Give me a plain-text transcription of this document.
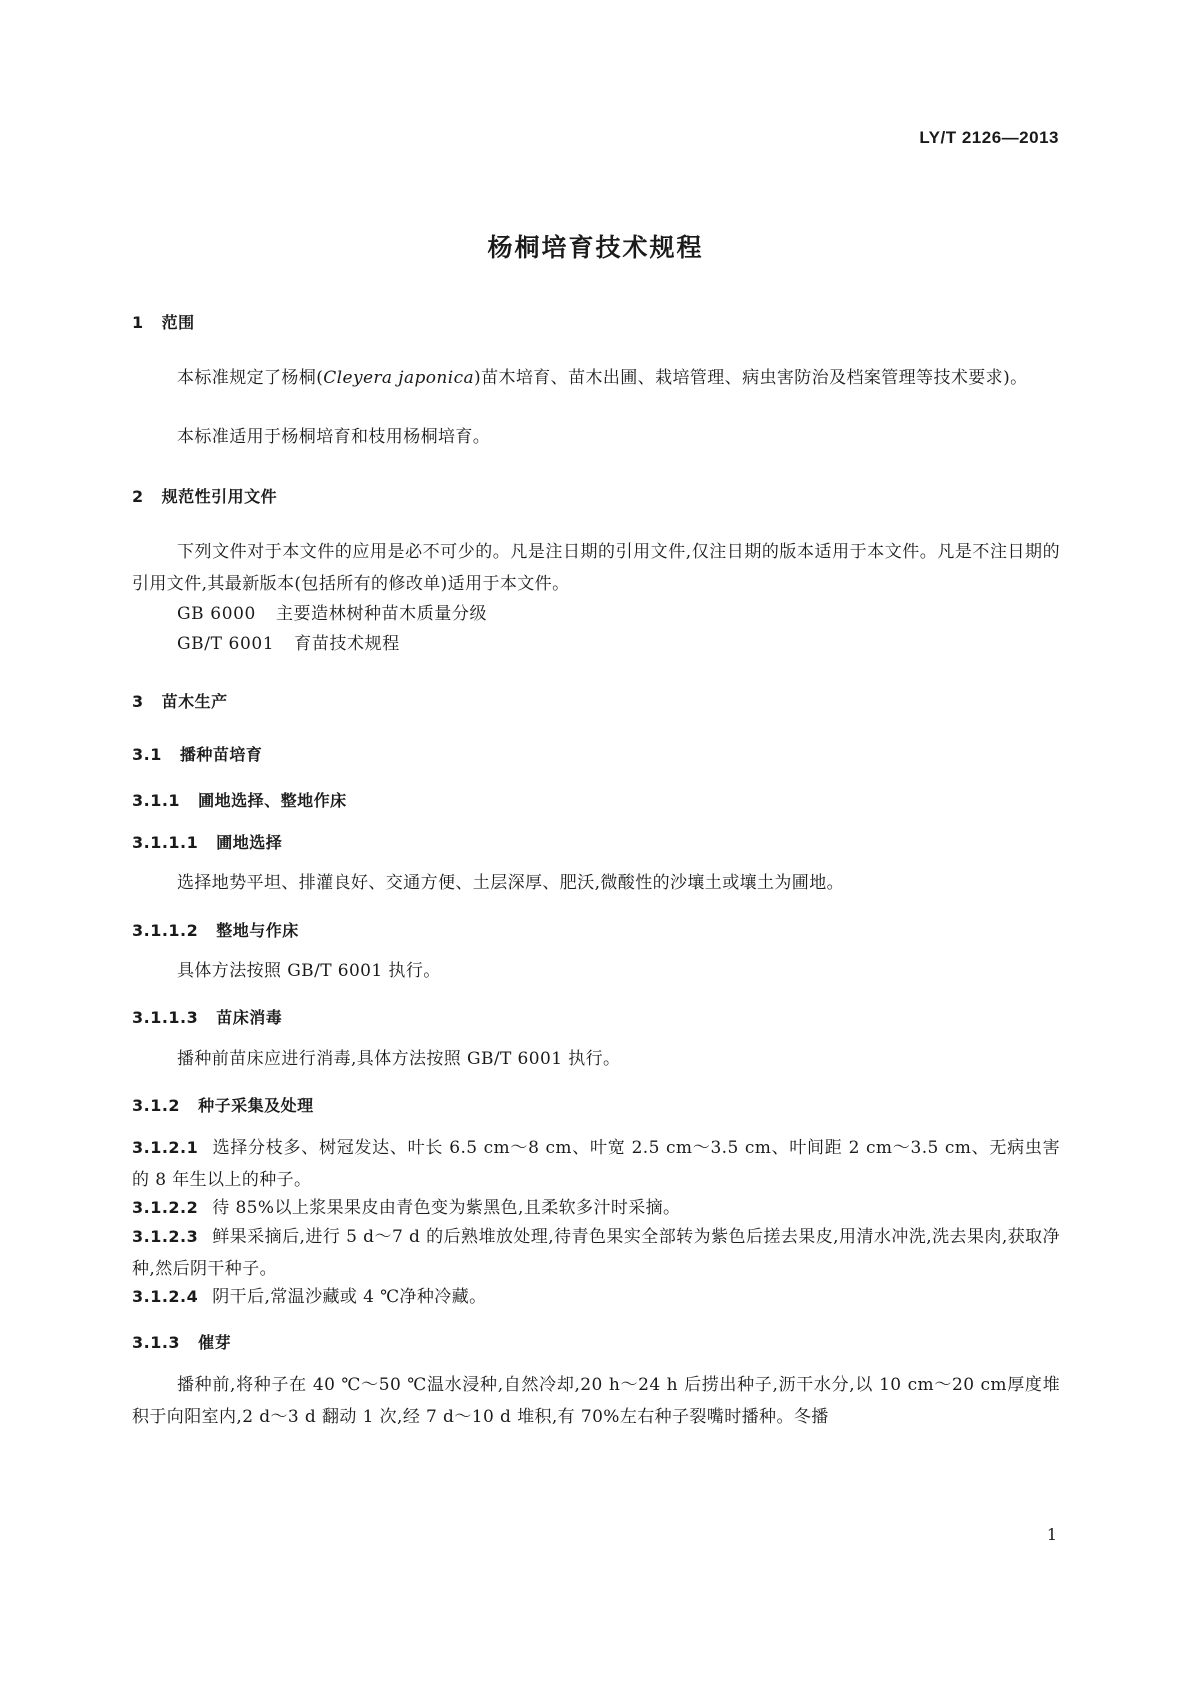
LY/T 2126—2013
杨桐培育技术规程
1 范围
本标准规定了杨桐(Cleyera japonica)苗木培育、苗木出圃、栽培管理、病虫害防治及档案管理等技术要求)。
本标准适用于杨桐培育和枝用杨桐培育。
2 规范性引用文件
下列文件对于本文件的应用是必不可少的。凡是注日期的引用文件,仅注日期的版本适用于本文件。凡是不注日期的引用文件,其最新版本(包括所有的修改单)适用于本文件。
GB 6000 主要造林树种苗木质量分级
GB/T 6001 育苗技术规程
3 苗木生产
3.1 播种苗培育
3.1.1 圃地选择、整地作床
3.1.1.1 圃地选择
选择地势平坦、排灌良好、交通方便、土层深厚、肥沃,微酸性的沙壤土或壤土为圃地。
3.1.1.2 整地与作床
具体方法按照 GB/T 6001 执行。
3.1.1.3 苗床消毒
播种前苗床应进行消毒,具体方法按照 GB/T 6001 执行。
3.1.2 种子采集及处理
3.1.2.1 选择分枝多、树冠发达、叶长 6.5 cm～8 cm、叶宽 2.5 cm～3.5 cm、叶间距 2 cm～3.5 cm、无病虫害的 8 年生以上的种子。
3.1.2.2 待 85%以上浆果果皮由青色变为紫黑色,且柔软多汁时采摘。
3.1.2.3 鲜果采摘后,进行 5 d～7 d 的后熟堆放处理,待青色果实全部转为紫色后搓去果皮,用清水冲洗,洗去果肉,获取净种,然后阴干种子。
3.1.2.4 阴干后,常温沙藏或 4 ℃净种冷藏。
3.1.3 催芽
播种前,将种子在 40 ℃～50 ℃温水浸种,自然冷却,20 h～24 h 后捞出种子,沥干水分,以 10 cm～20 cm厚度堆积于向阳室内,2 d～3 d 翻动 1 次,经 7 d～10 d 堆积,有 70%左右种子裂嘴时播种。冬播
1
